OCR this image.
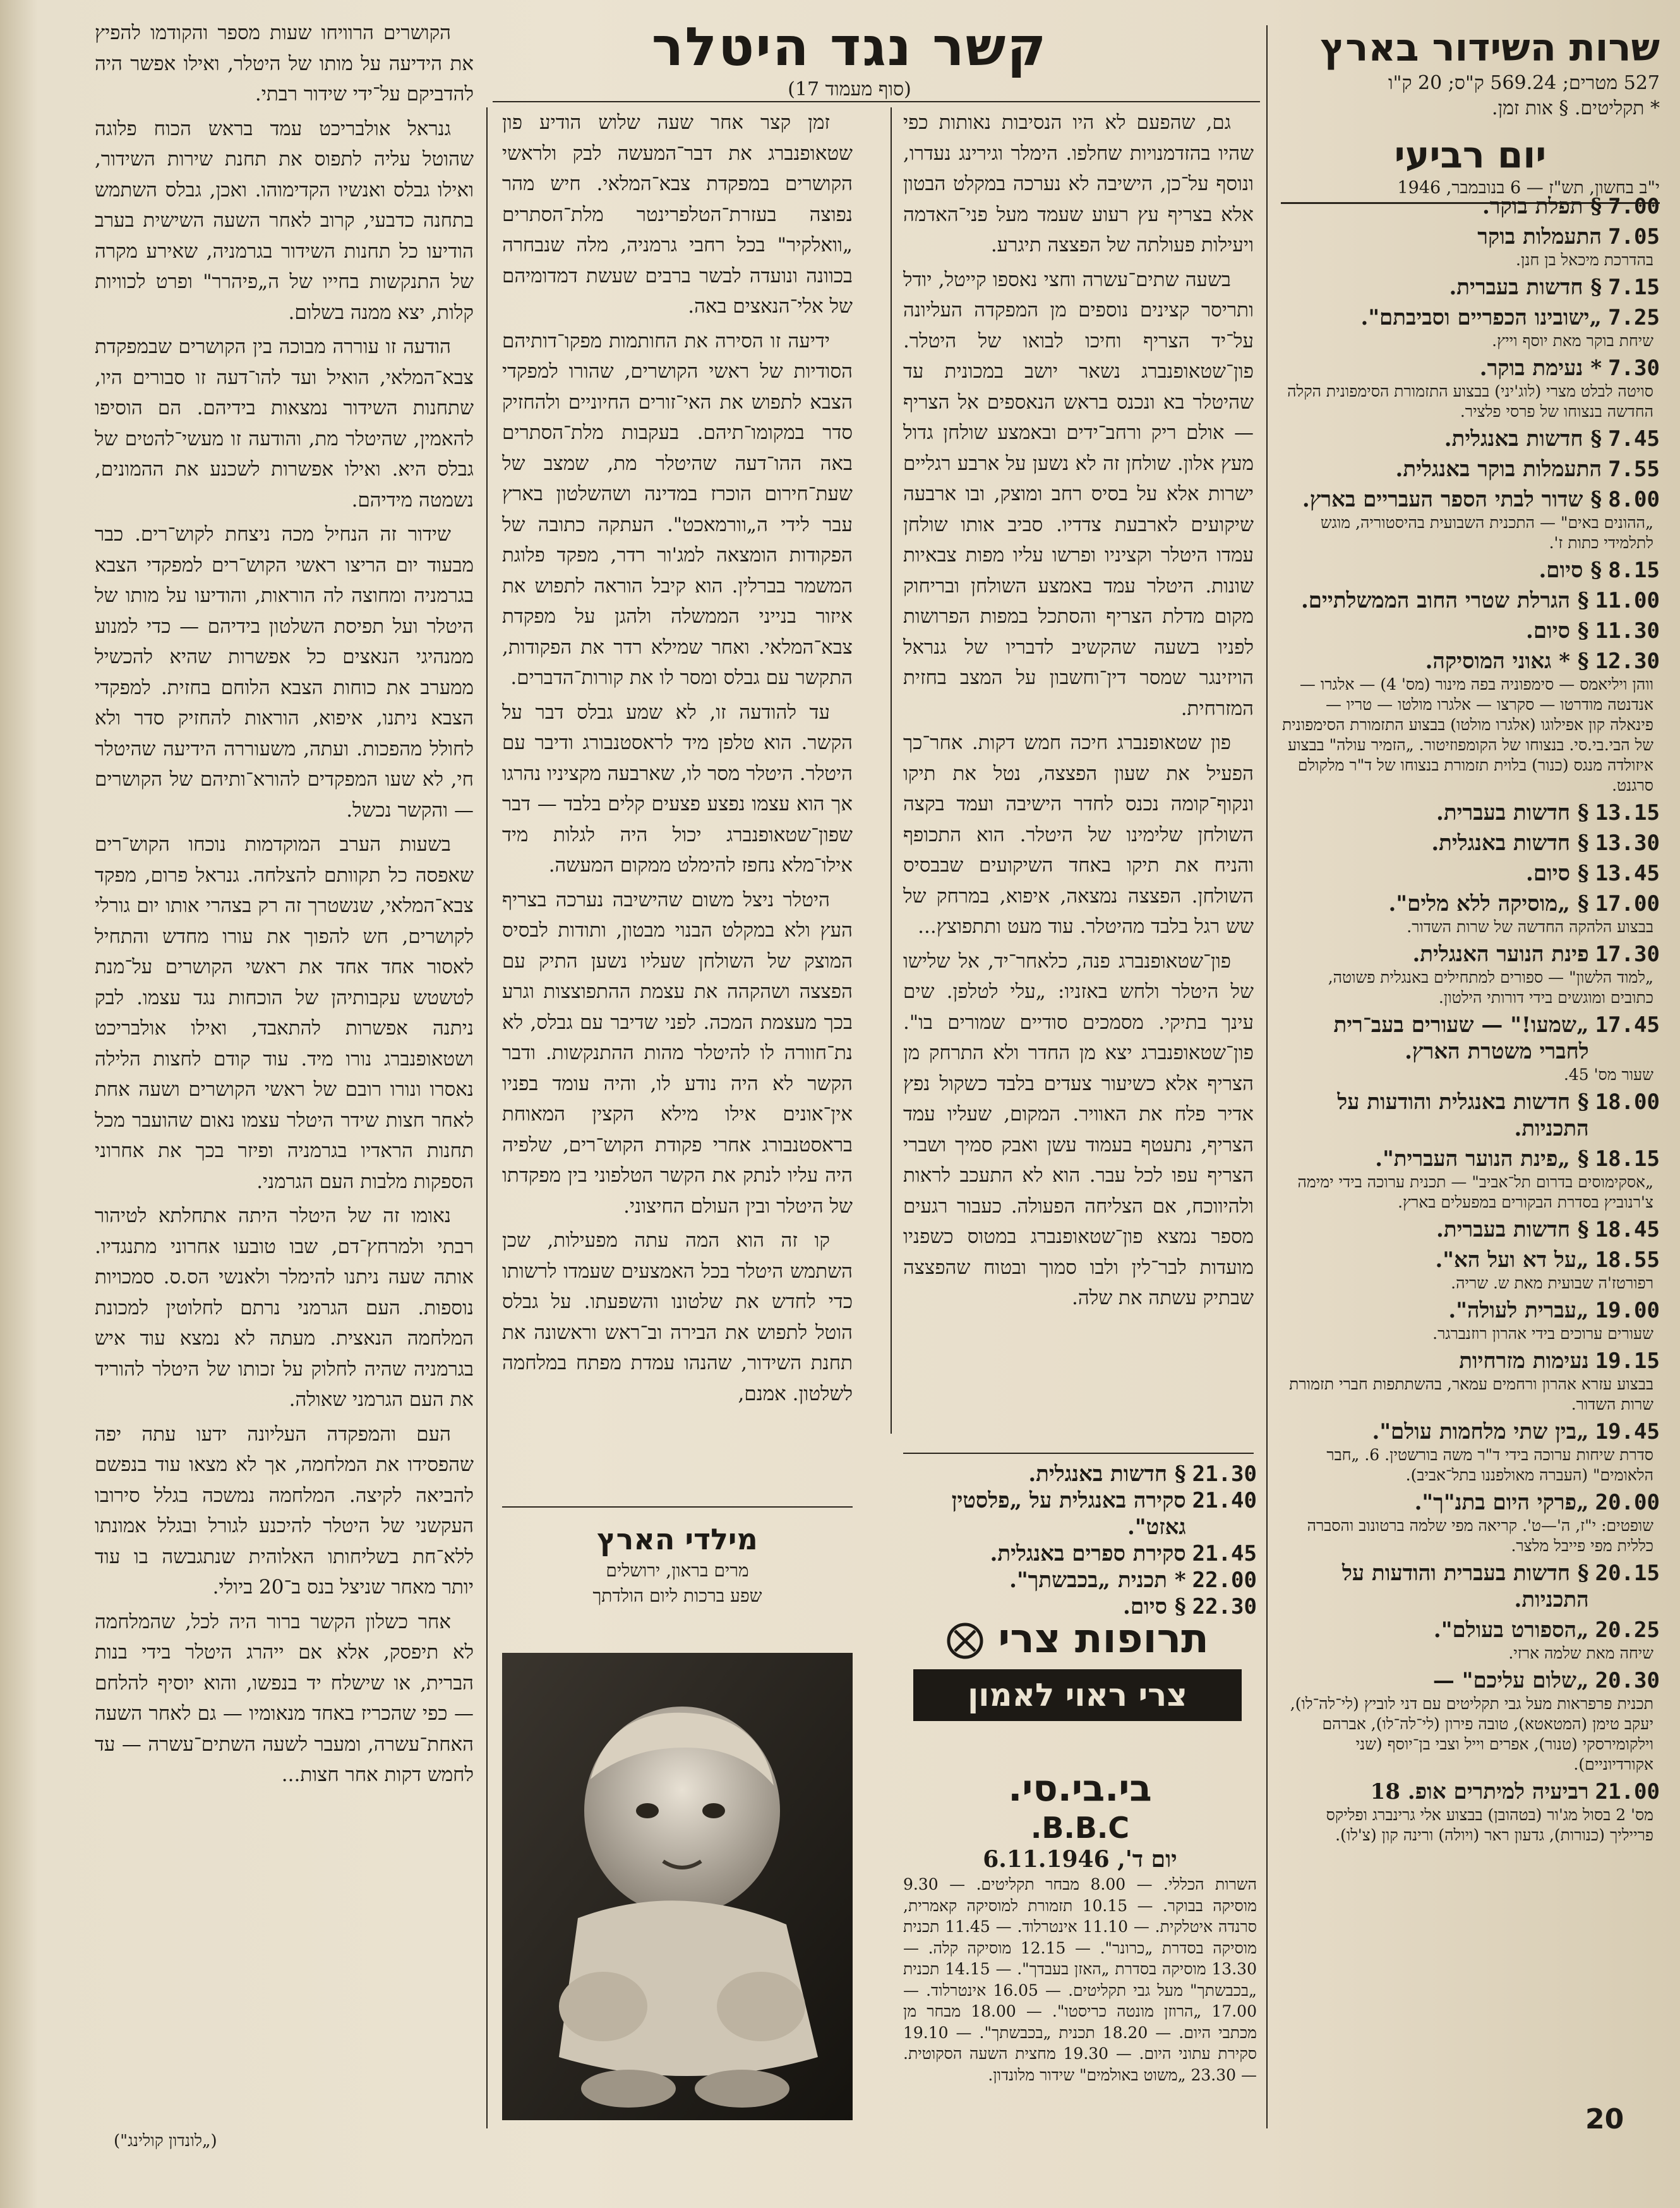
שרות השידור בארץ
527 מטרים; 569.24 ק"ס; 20 ק"ו
* תקליטים. § אות זמן.
יום רביעי
י"ב בחשון, תש"ז — 6 בנובמבר, 1946
7.00
§ תפלת בוקר.
7.05
התעמלות בוקר
בהדרכת מיכאל בן חנן.
7.15
§ חדשות בעברית.
7.25
„ישובינו הכפריים וסביבתם".
שיחת בוקר מאת יוסף וייץ.
7.30
* נעימת בוקר.
סויטה לבלט מצרי (לוג'יני) בבצוע התזמורת הסימפונית הקלה החדשה בנצוחו של פרסי פלציר.
7.45
§ חדשות באנגלית.
7.55
התעמלות בוקר באנגלית.
8.00
§ שדור לבתי הספר העבריים בארץ.
„ההונים באים" — התכנית השבועית בהיסטוריה, מוגש לתלמידי כתות ז'.
8.15
§ סיום.
11.00
§ הגרלת שטרי החוב הממשלתיים.
11.30
§ סיום.
12.30
§ * גאוני המוסיקה.
ווהן ויליאמס — סימפוניה בפה מינור (מס' 4) — אלגרו — אנדנטה מודרטו — סקרצו — אלגרו מולטו — טריו — פינאלה קון אפילוגו (אלגרו מולטו) בבצוע התזמורת הסימפונית של הבי.בי.סי. בנצוחו של הקומפוזיטור. „הזמיר עולה" בבצוע איזולדה מנגס (כנור) בלוית תזמורת בנצוחו של ד"ר מלקולם סרגנט.
13.15
§ חדשות בעברית.
13.30
§ חדשות באנגלית.
13.45
§ סיום.
17.00
§ „מוסיקה ללא מלים".
בבצוע הלהקה החדשה של שרות השדור.
17.30
פינת הנוער האנגלית.
„למוד הלשון" — ספורים למתחילים באנגלית פשוטה, כתובים ומוגשים בידי דורותי הילטון.
17.45
„שמעו!" — שעורים בעב־רית לחברי משטרת הארץ.
שעור מס' 45.
18.00
§ חדשות באנגלית והודעות על התכניות.
18.15
§ „פינת הנוער העברית".
„אסקימוסים בדרום תל־אביב" — תכנית ערוכה בידי ימימה צ'רנוביץ בסדרת הבקורים במפעלים בארץ.
18.45
§ חדשות בעברית.
18.55
„על דא ועל הא".
רפורטז'ה שבועית מאת ש. שריה.
19.00
„עברית לעולה".
שעורים ערוכים בידי אהרון רוזנברגר.
19.15
נעימות מזרחיות
בבצוע עזרא אהרון ורחמים עמאר, בהשתתפות חברי תזמורת שרות השדור.
19.45
„בין שתי מלחמות עולם".
סדרת שיחות ערוכה בידי ד"ר משה בורשטין. 6. „חבר הלאומים" (העברה מאולפננו בתל־אביב).
20.00
„פרקי היום בתנ"ך".
שופטים: י"ז, ה'—ט'. קריאה מפי שלמה ברטונוב והסברה כללית מפי פייבל מלצר.
20.15
§ חדשות בעברית והודעות על התכניות.
20.25
„הספורט בעולם".
שיחה מאת שלמה ארזי.
20.30
„שלום עליכם" —
תכנית פרפראות מעל גבי תקליטים עם דני לוביץ (לי־לה־לו), יעקב טימן (המטאטא), טובה פירון (לי־לה־לו), אברהם וילקומירסקי (טנור), אפרים וייל וצבי בן־יוסף (שני אקורדיוניים).
21.00
רביעיה למיתרים אופ. 18
מס' 2 בסול מג'ור (בטהובן) בבצוע אלי גרינברג ופליקס פרייליך (כנורות), גדעון ראר (ויולה) ורינה קון (צ'לו).
קשר נגד היטלר
(סוף מעמוד 17)

גם, שהפעם לא היו הנסיבות נאותות כפי שהיו בהזדמנויות שחלפו. הימלר וגירינג נעדרו, ונוסף על־כן, הישיבה לא נערכה במקלט הבטון אלא בצריף עץ רעוע שעמד מעל פני־האדמה ויעילות פעולתה של הפצצה תיגרע.

בשעה שתים־עשרה וחצי נאספו קייטל, יודל ותריסר קצינים נוספים מן המפקדה העליונה על־יד הצריף וחיכו לבואו של היטלר. פון־שטאופנברג נשאר יושב במכונית עד שהיטלר בא ונכנס בראש הנאספים אל הצריף — אולם ריק ורחב־ידים ובאמצע שולחן גדול מעץ אלון. שולחן זה לא נשען על ארבע רגליים ישרות אלא על בסיס רחב ומוצק, ובו ארבעה שיקועים לארבעת צדדיו. סביב אותו שולחן עמדו היטלר וקציניו ופרשו עליו מפות צבאיות שונות. היטלר עמד באמצע השולחן ובריחוק מקום מדלת הצריף והסתכל במפות הפרושות לפניו בשעה שהקשיב לדבריו של גנראל הויזינגר שמסר דין־וחשבון על המצב בחזית המזרחית.

פון שטאופנברג חיכה חמש דקות. אחר־כך הפעיל את שעון הפצצה, נטל את תיקו ונקוף־קומה נכנס לחדר הישיבה ועמד בקצה השולחן שלימינו של היטלר. הוא התכופף והניח את תיקו באחד השיקועים שבבסיס השולחן. הפצצה נמצאה, איפוא, במרחק של שש רגל בלבד מהיטלר. עוד מעט ותתפוצץ...

פון־שטאופנברג פנה, כלאחר־יד, אל שלישו של היטלר ולחש באזניו: „עלי לטלפן. שים עינך בתיקי. מסמכים סודיים שמורים בו". פון־שטאופנברג יצא מן החדר ולא התרחק מן הצריף אלא כשיעור צעדים בלבד כשקול נפץ אדיר פלח את האוויר. המקום, שעליו עמד הצריף, נתעטף בעמוד עשן ואבק סמיך ושברי הצריף עפו לכל עבר. הוא לא התעכב לראות ולהיווכח, אם הצליחה הפעולה. כעבור רגעים מספר נמצא פון־שטאופנברג במטוס כשפניו מועדות לבר־לין ולבו סמוך ובטוח שהפצצה שבתיק עשתה את שלה.

זמן קצר אחר שעה שלוש הודיע פון שטאופנברג את דבר־המעשה לבק ולראשי הקושרים במפקדת צבא־המלאי. חיש מהר נפוצה בעזרת־הטלפרינטר מלת־הסתרים „וואלקיר" בכל רחבי גרמניה, מלה שנבחרה בכוונה ונועדה לבשר ברבים שעשת דמדומיהם של אלי־הנאצים באה.

ידיעה זו הסירה את החותמות מפקו־דותיהם הסודיות של ראשי הקושרים, שהורו למפקדי הצבא לתפוש את האי־זורים החיוניים ולהחזיק סדר במקומו־תיהם. בעקבות מלת־הסתרים באה ההו־דעה שהיטלר מת, שמצב של שעת־חירום הוכרז במדינה ושהשלטון בארץ עבר לידי ה„וורמאכט". העתקה כתובה של הפקודות הומצאה למג'ור רדר, מפקד פלוגת המשמר בברלין. הוא קיבל הוראה לתפוש את איזור בנייני הממשלה ולהגן על מפקדת צבא־המלאי. ואחר שמילא רדר את הפקודות, התקשר עם גבלס ומסר לו את קורות־הדברים.

עד להודעה זו, לא שמע גבלס דבר על הקשר. הוא טלפן מיד לראסטנבורג ודיבר עם היטלר. היטלר מסר לו, שארבעה מקציניו נהרגו אך הוא עצמו נפצע פצעים קלים בלבד — דבר שפון־שטאופנברג יכול היה לגלות מיד אילו־מלא נחפז להימלט ממקום המעשה.

היטלר ניצל משום שהישיבה נערכה בצריף העץ ולא במקלט הבנוי מבטון, ותודות לבסיס המוצק של השולחן שעליו נשען התיק עם הפצצה ושהקהה את עצמת ההתפוצצות וגרע בכך מעצמת המכה. לפני שדיבר עם גבלס, לא נת־חוורה לו להיטלר מהות ההתנקשות. ודבר הקשר לא היה נודע לו, והיה עומד בפניו אין־אונים אילו מילא הקצין המאוחת בראסטנבורג אחרי פקודת הקוש־רים, שלפיה היה עליו לנתק את הקשר הטלפוני בין מפקדתו של היטלר ובין העולם החיצוני.

קו זה הוא המה עתה מפעילות, שכן השתמש היטלר בכל האמצעים שעמדו לרשותו כדי לחדש את שלטונו והשפעתו. על גבלס הוטל לתפוש את הבירה וב־ראש וראשונה את תחנת השידור, שהנהו עמדת מפתח במלחמה לשלטון. אמנם,

הקושרים הרוויחו שעות מספר והקודמו להפיץ את הידיעה על מותו של היטלר, ואילו אפשר היה להדביקם על־ידי שידור רבתי.

גנראל אולבריכט עמד בראש הכוח פלוגה שהוטל עליה לתפוס את תחנת שירות השידור, ואילו גבלס ואנשיו הקדימוהו. ואכן, גבלס השתמש בתחנה כדבעי, קרוב לאחר השעה השישית בערב הודיעו כל תחנות השידור בגרמניה, שאירע מקרה של התנקשות בחייו של ה„פיהרר" ופרט לכוויות קלות, יצא ממנה בשלום.

הודעה זו עוררה מבוכה בין הקושרים שבמפקדת צבא־המלאי, הואיל ועד להו־דעה זו סבורים היו, שתחנות השידור נמצאות בידיהם. הם הוסיפו להאמין, שהיטלר מת, והודעה זו מעשי־להטים של גבלס היא. ואילו אפשרות לשכנע את ההמונים, נשמטה מידיהם.

שידור זה הנחיל מכה ניצחת לקוש־רים. כבר מבעוד יום הריצו ראשי הקוש־רים למפקדי הצבא בגרמניה ומחוצה לה הוראות, והודיעו על מותו של היטלר ועל תפיסת השלטון בידיהם — כדי למנוע ממנהיגי הנאצים כל אפשרות שהיא להכשיל ממערב את כוחות הצבא הלוחם בחזית. למפקדי הצבא ניתנו, איפוא, הוראות להחזיק סדר ולא לחולל מהפכות. ועתה, משעוררה הידיעה שהיטלר חי, לא שעו המפקדים להורא־ותיהם של הקושרים — והקשר נכשל.

בשעות הערב המוקדמות נוכחו הקוש־רים שאפסה כל תקוותם להצלחה. גנראל פרום, מפקד צבא־המלאי, שנשטרך זה רק בצהרי אותו יום גורלי לקושרים, חש להפוך את עורו מחדש והתחיל לאסור אחד אחד את ראשי הקושרים על־מנת לטשטש עקבותיהן של הוכחות נגד עצמו. לבק ניתנה אפשרות להתאבד, ואילו אולבריכט ושטאופנברג נורו מיד. עוד קודם לחצות הלילה נאסרו ונורו רובם של ראשי הקושרים ושעה אחת לאחר חצות שידר היטלר עצמו נאום שהועבר מכל תחנות הראדיו בגרמניה ופיזר בכך את אחרוני הספקות מלבות העם הגרמני.

נאומו זה של היטלר היתה אתחלתא לטיהור רבתי ולמרחץ־דם, שבו טובעו אחרוני מתנגדיו. אותה שעה ניתנו להימלר ולאנשי הס.ס. סמכויות נוספות. העם הגרמני נרתם לחלוטין למכונת המלחמה הנאצית. מעתה לא נמצא עוד איש בגרמניה שהיה לחלוק על זכותו של היטלר להוריד את העם הגרמני שאולה.

העם והמפקדה העליונה ידעו עתה יפה שהפסידו את המלחמה, אך לא מצאו עוד בנפשם להביאה לקיצה. המלחמה נמשכה בגלל סירובו העקשני של היטלר להיכנע לגורל ובגלל אמונתו ללא־חת בשליחותו האלוהית שנתגבשה בו עוד יותר מאחר שניצל בנס ב־20 ביולי.

אחר כשלון הקשר ברור היה לכל, שהמלחמה לא תיפסק, אלא אם ייהרג היטלר בידי בנות הברית, או שישלח יד בנפשו, והוא יוסיף להלחם — כפי שהכריז באחד מנאומיו — גם לאחר השעה האחת־עשרה, ומעבר לשעה השתים־עשרה — עד לחמש דקות אחר חצות...

21.30
§ חדשות באנגלית.
21.40
סקירה באנגלית על „פלסטין גאזט".
21.45
סקירת ספרים באנגלית.
22.00
* תכנית „בכבשתך".
22.30
§ סיום.
תרופות צרי
צרי ראוי לאמון
בי.בי.סי.
B.B.C.
יום ד', 6.11.1946
השרות הכללי. — 8.00 מבחר תקליטים. — 9.30 מוסיקה בבוקר. — 10.15 תזמורת למוסיקה קאמרית, סרנדה איטלקית. — 11.10 אינטרלוד. — 11.45 תכנית מוסיקה בסדרת „כרונר". — 12.15 מוסיקה קלה. — 13.30 מוסיקה בסדרת „האזן בעבדך". — 14.15 תכנית „בכבשתך" מעל גבי תקליטים. — 16.05 אינטרלוד. — 17.00 „הרוזן מונטה כריסטו". — 18.00 מבחר מן מכתבי היום. — 18.20 תכנית „בכבשתך". — 19.10 סקירת עתוני היום. — 19.30 מחצית השעה הסקוטית. — 23.30 „משוט באולמים" שידור מלונדון.
מילדי הארץ
מרים בראון, ירושלים
שפע ברכות ליום הולדתך
(„לונדון קולינג")
20
